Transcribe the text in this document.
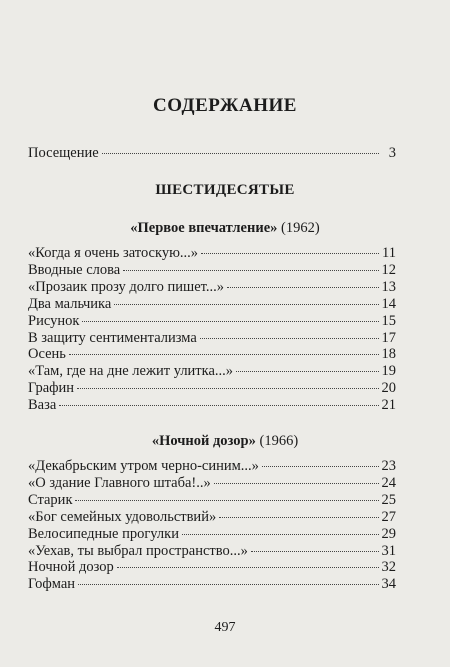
СОДЕРЖАНИЕ
Посещение	3
ШЕСТИДЕСЯТЫЕ
«Первое впечатление» (1962)
«Когда я очень затоскую...»	11
Вводные слова	12
«Прозаик прозу долго пишет...»	13
Два мальчика	14
Рисунок	15
В защиту сентиментализма	17
Осень	18
«Там, где на дне лежит улитка...»	19
Графин	20
Ваза	21
«Ночной дозор» (1966)
«Декабрьским утром черно-синим...»	23
«О здание Главного штаба!..»	24
Старик	25
«Бог семейных удовольствий»	27
Велосипедные прогулки	29
«Уехав, ты выбрал пространство...»	31
Ночной дозор	32
Гофман	34
497
